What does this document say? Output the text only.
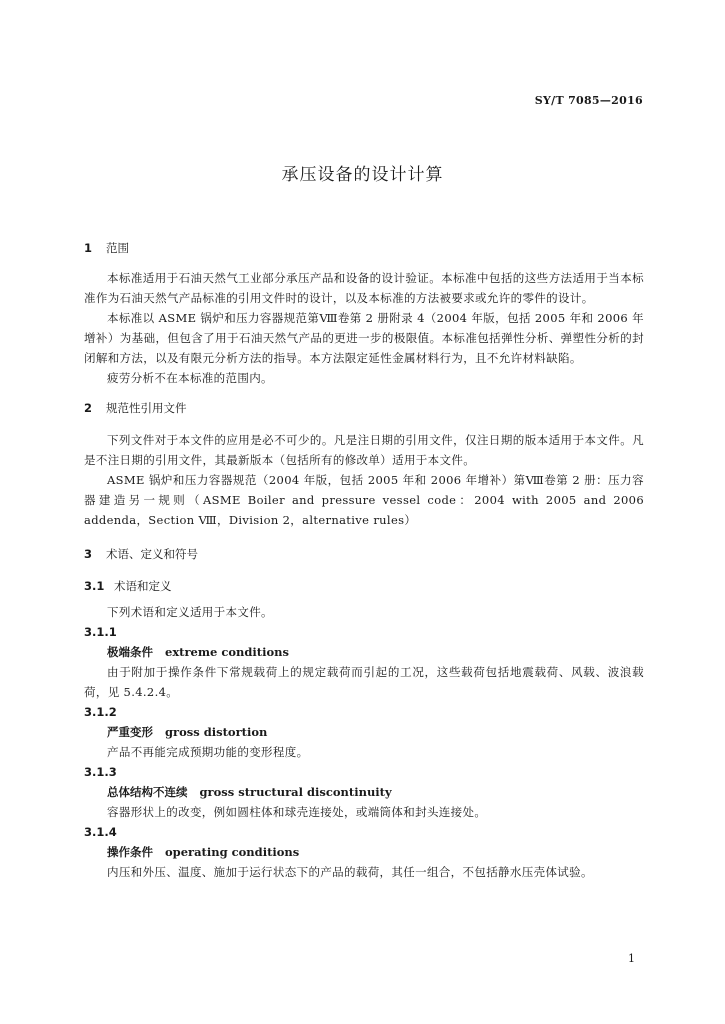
SY/T 7085—2016
承压设备的设计计算
1 范围

本标准适用于石油天然气工业部分承压产品和设备的设计验证。本标准中包括的这些方法适用于当本标准作为石油天然气产品标准的引用文件时的设计，以及本标准的方法被要求或允许的零件的设计。

本标准以 ASME 锅炉和压力容器规范第Ⅷ卷第 2 册附录 4（2004 年版，包括 2005 年和 2006 年增补）为基础，但包含了用于石油天然气产品的更进一步的极限值。本标准包括弹性分析、弹塑性分析的封闭解和方法，以及有限元分析方法的指导。本方法限定延性金属材料行为，且不允许材料缺陷。

疲劳分析不在本标准的范围内。

2 规范性引用文件

下列文件对于本文件的应用是必不可少的。凡是注日期的引用文件，仅注日期的版本适用于本文件。凡是不注日期的引用文件，其最新版本（包括所有的修改单）适用于本文件。

ASME 锅炉和压力容器规范（2004 年版，包括 2005 年和 2006 年增补）第Ⅷ卷第 2 册：压力容器建造另一规则（ASME Boiler and pressure vessel code：2004 with 2005 and 2006 addenda，Section Ⅷ，Division 2，alternative rules）

3 术语、定义和符号
3.1 术语和定义

下列术语和定义适用于本文件。

3.1.1
极端条件 extreme conditions

由于附加于操作条件下常规载荷上的规定载荷而引起的工况，这些载荷包括地震载荷、风载、波浪载荷，见 5.4.2.4。

3.1.2
严重变形 gross distortion

产品不再能完成预期功能的变形程度。

3.1.3
总体结构不连续 gross structural discontinuity

容器形状上的改变，例如圆柱体和球壳连接处，或端筒体和封头连接处。

3.1.4
操作条件 operating conditions

内压和外压、温度、施加于运行状态下的产品的载荷，其任一组合，不包括静水压壳体试验。

1
